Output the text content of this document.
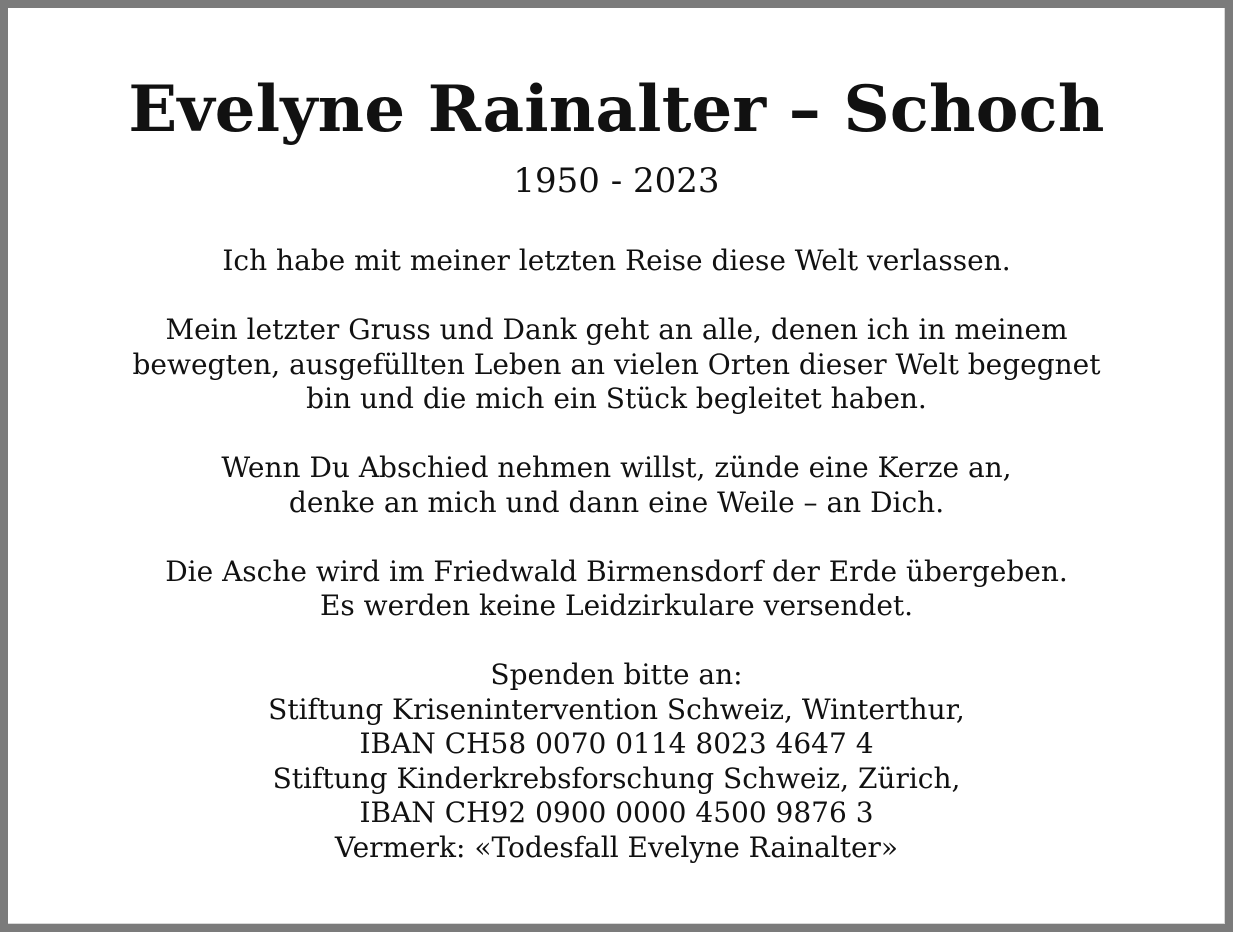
Evelyne Rainalter – Schoch
1950 - 2023
Ich habe mit meiner letzten Reise diese Welt verlassen.
Mein letzter Gruss und Dank geht an alle, denen ich in meinem
bewegten, ausgefüllten Leben an vielen Orten dieser Welt begegnet
bin und die mich ein Stück begleitet haben.
Wenn Du Abschied nehmen willst, zünde eine Kerze an,
denke an mich und dann eine Weile – an Dich.
Die Asche wird im Friedwald Birmensdorf der Erde übergeben.
Es werden keine Leidzirkulare versendet.
Spenden bitte an:
Stiftung Krisenintervention Schweiz, Winterthur,
IBAN CH58 0070 0114 8023 4647 4
Stiftung Kinderkrebsforschung Schweiz, Zürich,
IBAN CH92 0900 0000 4500 9876 3
Vermerk: «Todesfall Evelyne Rainalter»
